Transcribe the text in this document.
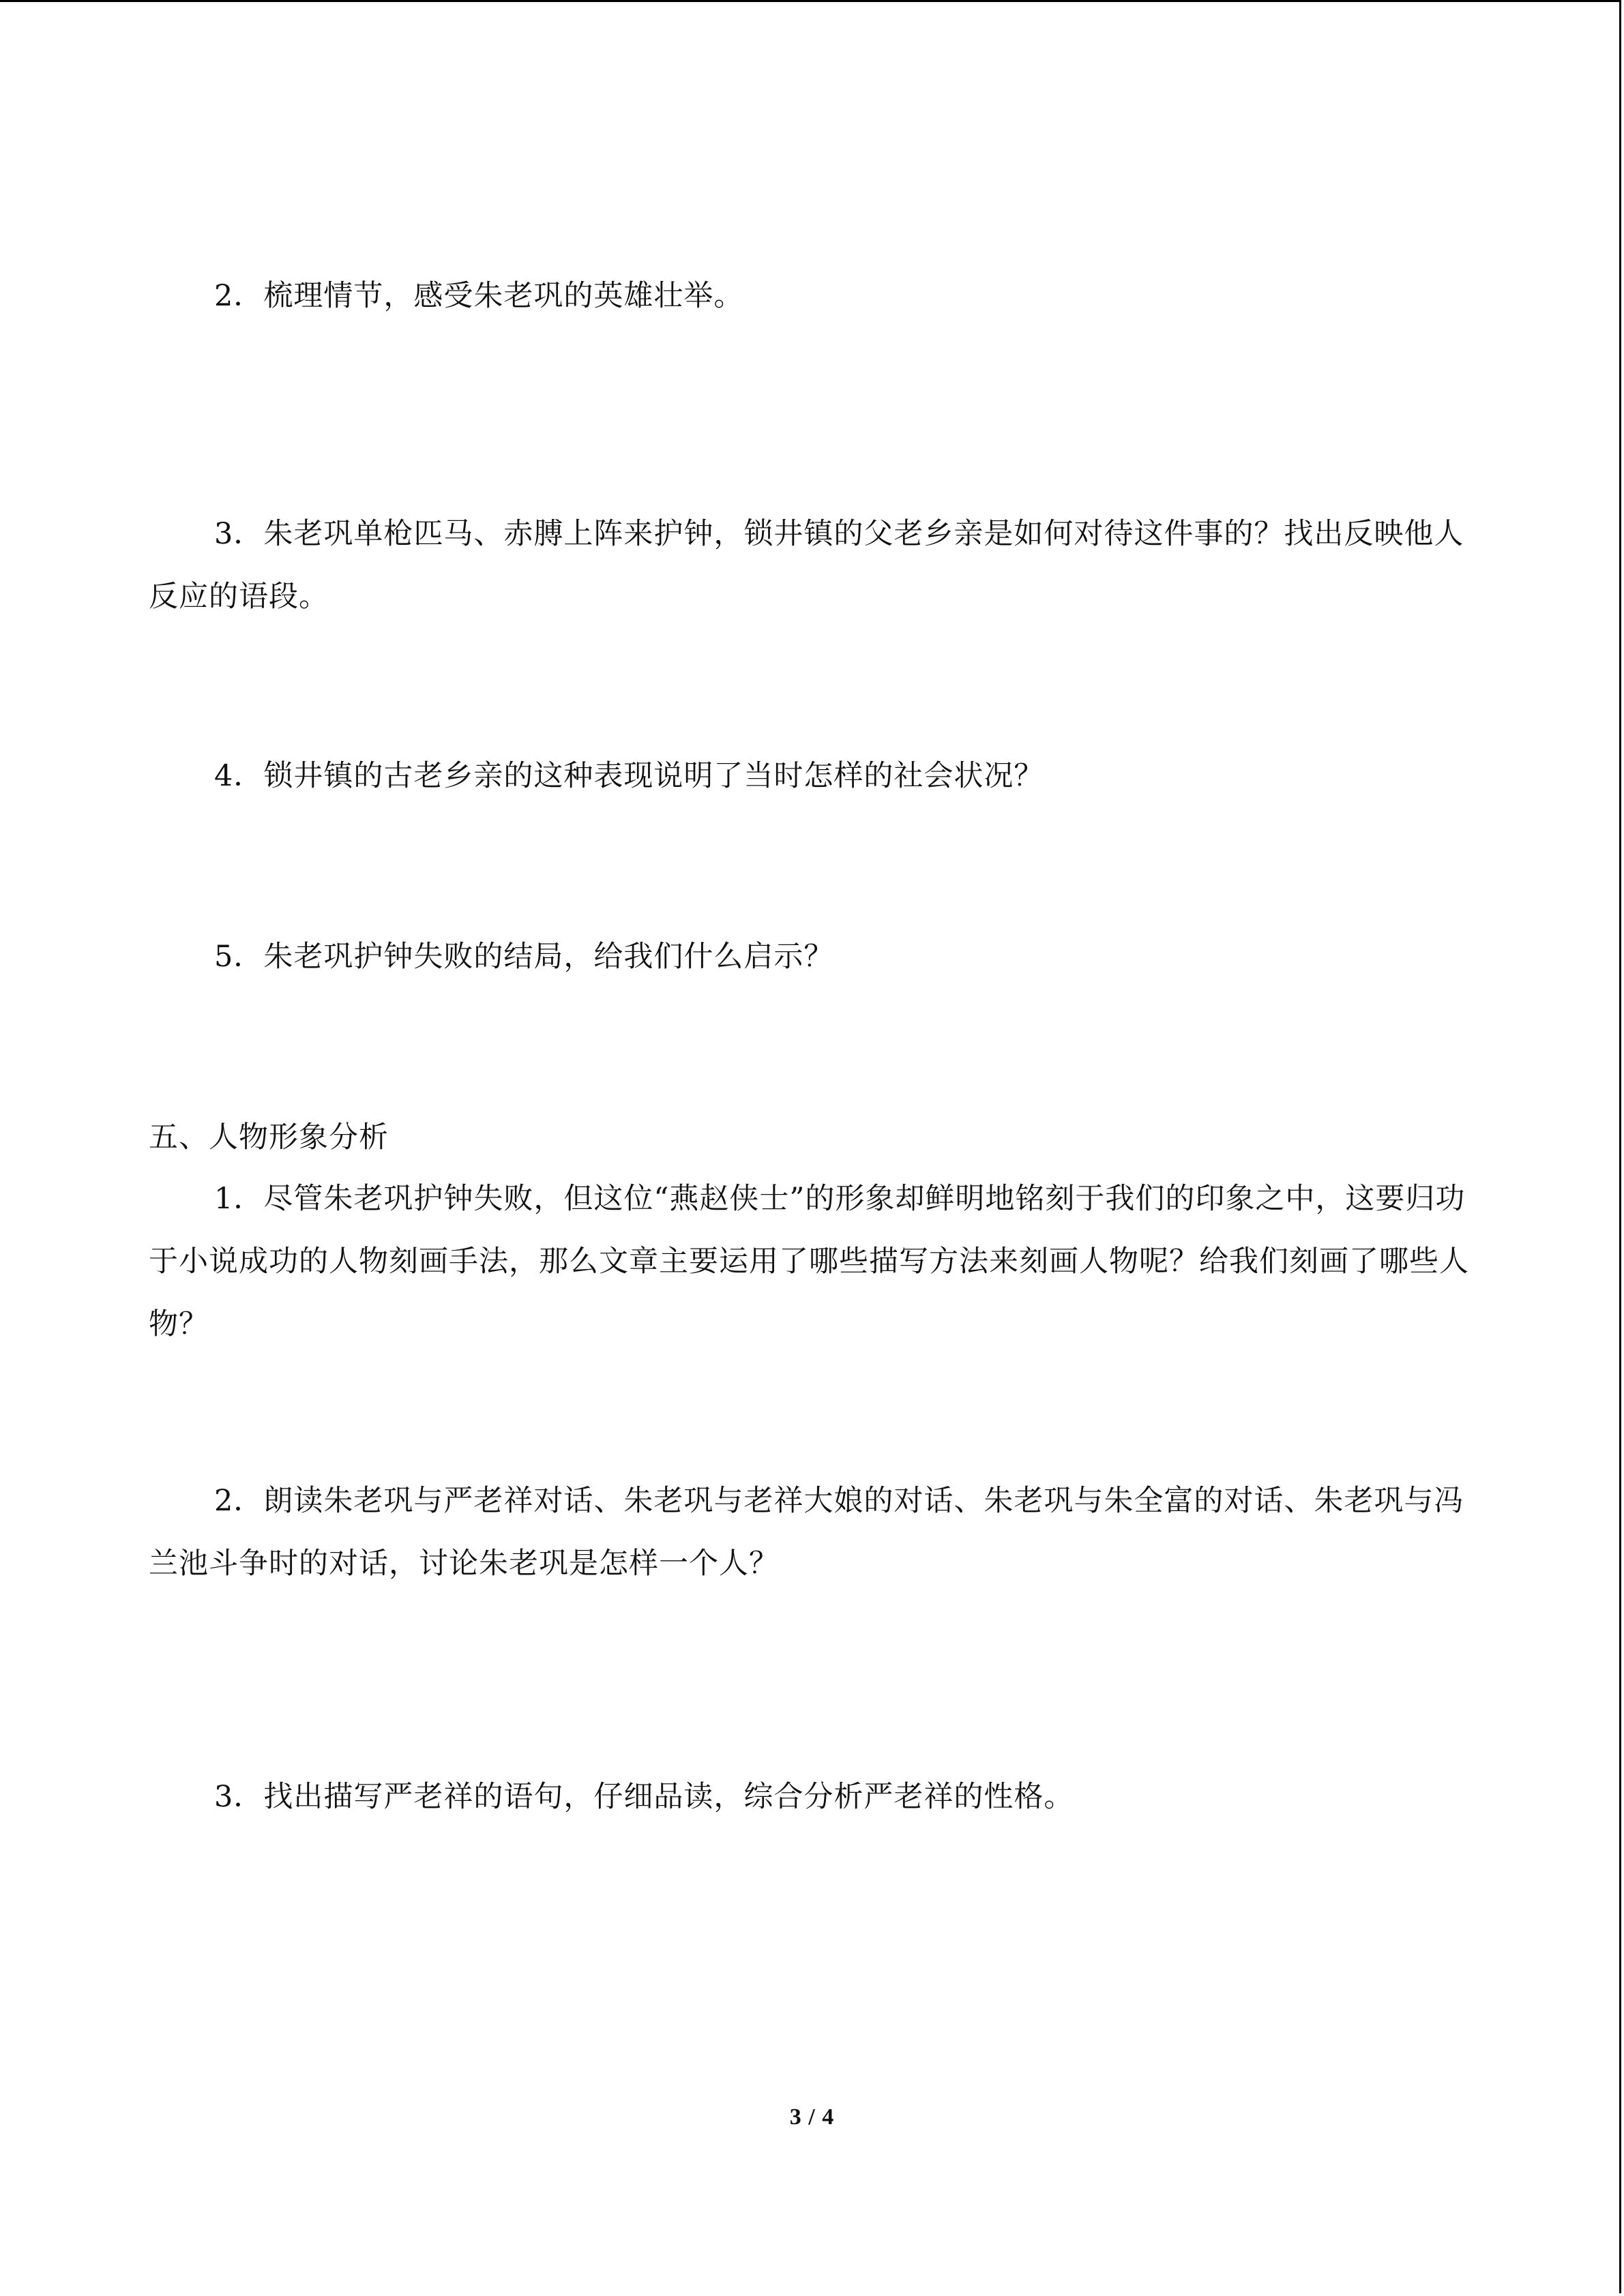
2．梳理情节，感受朱老巩的英雄壮举。

3．朱老巩单枪匹马、赤膊上阵来护钟，锁井镇的父老乡亲是如何对待这件事的？找出反映他人反应的语段。

4．锁井镇的古老乡亲的这种表现说明了当时怎样的社会状况？

5．朱老巩护钟失败的结局，给我们什么启示？

五、人物形象分析

1．尽管朱老巩护钟失败，但这位“燕赵侠士”的形象却鲜明地铭刻于我们的印象之中，这要归功于小说成功的人物刻画手法，那么文章主要运用了哪些描写方法来刻画人物呢？给我们刻画了哪些人物？

2．朗读朱老巩与严老祥对话、朱老巩与老祥大娘的对话、朱老巩与朱全富的对话、朱老巩与冯兰池斗争时的对话，讨论朱老巩是怎样一个人？

3．找出描写严老祥的语句，仔细品读，综合分析严老祥的性格。

3 / 4
